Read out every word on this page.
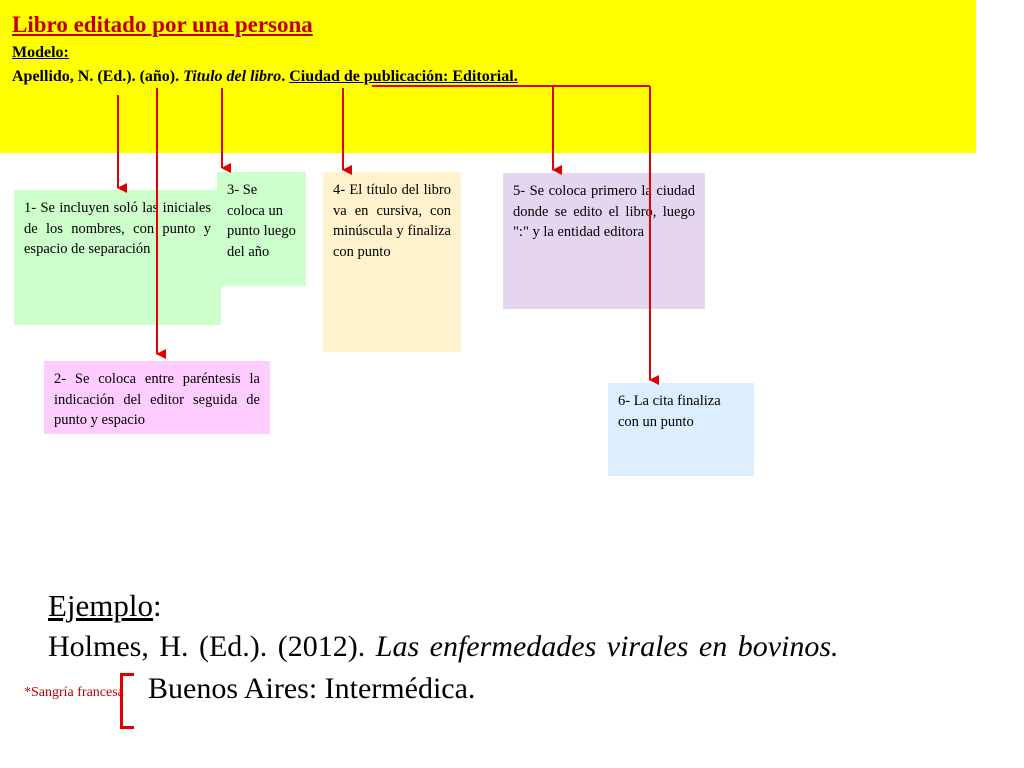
Libro editado por una persona
Modelo:
Apellido, N. (Ed.). (año). Titulo del libro. Ciudad de publicación: Editorial.
1- Se incluyen soló las iniciales de los nombres, con punto y espacio de separación
2- Se coloca entre paréntesis la indicación del editor seguida de punto y espacio
3- Se coloca un punto luego del año
4- El título del libro va en cursiva, con minúscula y finaliza con punto
5- Se coloca primero la ciudad donde se edito el libro, luego ":" y la entidad editora
6- La cita finaliza con un punto
Ejemplo:
Holmes, H. (Ed.). (2012). Las enfermedades virales en bovinos.
Buenos Aires: Intermédica.
*Sangría francesa
